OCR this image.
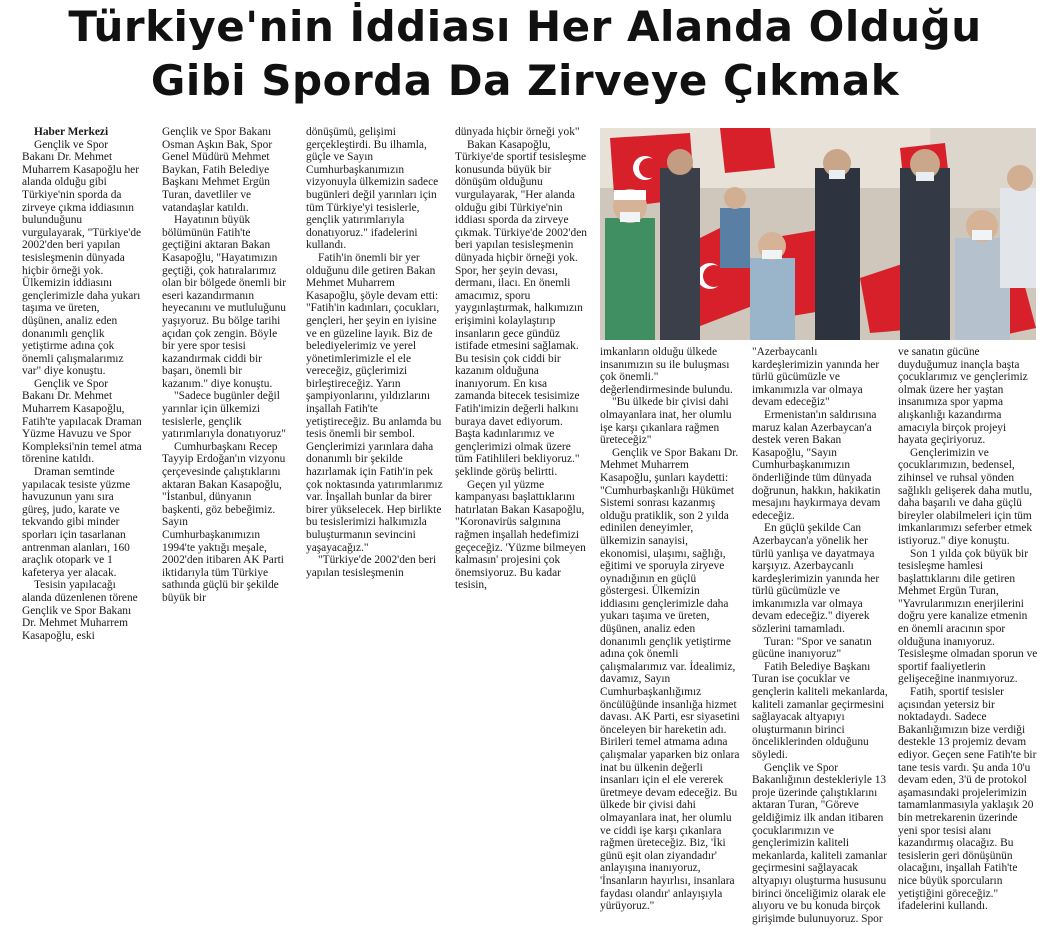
Türkiye'nin İddiası Her Alanda Olduğu
Gibi Sporda Da Zirveye Çıkmak

Haber Merkezi

Gençlik ve Spor Bakanı Dr. Mehmet Muharrem Kasapoğlu her alanda olduğu gibi Türkiye'nin sporda da zirveye çıkma iddiasının bulunduğunu vurgulayarak, "Türkiye'de 2002'den beri yapılan tesisleşmenin dünyada hiçbir örneği yok. Ülkemizin iddiasını gençlerimizle daha yukarı taşıma ve üreten, düşünen, analiz eden donanımlı gençlik yetiştirme adına çok önemli çalışmalarımız var" diye konuştu.

Gençlik ve Spor Bakanı Dr. Mehmet Muharrem Kasapoğlu, Fatih'te yapılacak Draman Yüzme Havuzu ve Spor Kompleksi'nin temel atma törenine katıldı.

Draman semtinde yapılacak tesiste yüzme havuzunun yanı sıra güreş, judo, karate ve tekvando gibi minder sporları için tasarlanan antrenman alanları, 160 araçlık otopark ve 1 kafeterya yer alacak.

Tesisin yapılacağı alanda düzenlenen törene Gençlik ve Spor Bakanı Dr. Mehmet Muharrem Kasapoğlu, eski

Gençlik ve Spor Bakanı Osman Aşkın Bak, Spor Genel Müdürü Mehmet Baykan, Fatih Belediye Başkanı Mehmet Ergün Turan, davetliler ve vatandaşlar katıldı.

Hayatının büyük bölümünün Fatih'te geçtiğini aktaran Bakan Kasapoğlu, "Hayatımızın geçtiği, çok hatıralarımız olan bir bölgede önemli bir eseri kazandırmanın heyecanını ve mutluluğunu yaşıyoruz. Bu bölge tarihi açıdan çok zengin. Böyle bir yere spor tesisi kazandırmak ciddi bir başarı, önemli bir kazanım." diye konuştu.

"Sadece bugünler değil yarınlar için ülkemizi tesislerle, gençlik yatırımlarıyla donatıyoruz"

Cumhurbaşkanı Recep Tayyip Erdoğan'ın vizyonu çerçevesinde çalıştıklarını aktaran Bakan Kasapoğlu, "İstanbul, dünyanın başkenti, göz bebeğimiz. Sayın Cumhurbaşkanımızın 1994'te yaktığı meşale, 2002'den itibaren AK Parti iktidarıyla tüm Türkiye sathında güçlü bir şekilde büyük bir

dönüşümü, gelişimi gerçekleştirdi. Bu ilhamla, güçle ve Sayın Cumhurbaşkanımızın vizyonuyla ülkemizin sadece bugünleri değil yarınları için tüm Türkiye'yi tesislerle, gençlik yatırımlarıyla donatıyoruz." ifadelerini kullandı.

Fatih'in önemli bir yer olduğunu dile getiren Bakan Mehmet Muharrem Kasapoğlu, şöyle devam etti: "Fatih'in kadınları, çocukları, gençleri, her şeyin en iyisine ve en güzeline layık. Biz de belediyelerimiz ve yerel yönetimlerimizle el ele vereceğiz, güçlerimizi birleştireceğiz. Yarın şampiyonlarını, yıldızlarını inşallah Fatih'te yetiştireceğiz. Bu anlamda bu tesis önemli bir sembol. Gençlerimizi yarınlara daha donanımlı bir şekilde hazırlamak için Fatih'in pek çok noktasında yatırımlarımız var. İnşallah bunlar da birer birer yükselecek. Hep birlikte bu tesislerimizi halkımızla buluşturmanın sevincini yaşayacağız."

"Türkiye'de 2002'den beri yapılan tesisleşmenin

dünyada hiçbir örneği yok"

Bakan Kasapoğlu, Türkiye'de sportif tesisleşme konusunda büyük bir dönüşüm olduğunu vurgulayarak, "Her alanda olduğu gibi Türkiye'nin iddiası sporda da zirveye çıkmak. Türkiye'de 2002'den beri yapılan tesisleşmenin dünyada hiçbir örneği yok. Spor, her şeyin devası, dermanı, ilacı. En önemli amacımız, sporu yaygınlaştırmak, halkımızın erişimini kolaylaştırıp insanların gece gündüz istifade etmesini sağlamak. Bu tesisin çok ciddi bir kazanım olduğuna inanıyorum. En kısa zamanda bitecek tesisimize Fatih'imizin değerli halkını buraya davet ediyorum. Başta kadınlarımız ve gençlerimizi olmak üzere tüm Fatihlileri bekliyoruz." şeklinde görüş belirtti.

Geçen yıl yüzme kampanyası başlattıklarını hatırlatan Bakan Kasapoğlu, "Koronavirüs salgınına rağmen inşallah hedefimizi geçeceğiz. 'Yüzme bilmeyen kalmasın' projesini çok önemsiyoruz. Bu kadar tesisin,

imkanların olduğu ülkede insanımızın su ile buluşması çok önemli." değerlendirmesinde bulundu.

"Bu ülkede bir çivisi dahi olmayanlara inat, her olumlu işe karşı çıkanlara rağmen üreteceğiz"

Gençlik ve Spor Bakanı Dr. Mehmet Muharrem Kasapoğlu, şunları kaydetti: "Cumhurbaşkanlığı Hükümet Sistemi sonrası kazanmış olduğu pratiklik, son 2 yılda edinilen deneyimler, ülkemizin sanayisi, ekonomisi, ulaşımı, sağlığı, eğitimi ve sporuyla ziryeve oynadığının en güçlü göstergesi. Ülkemizin iddiasını gençlerimizle daha yukarı taşıma ve üreten, düşünen, analiz eden donanımlı gençlik yetiştirme adına çok önemli çalışmalarımız var. İdealimiz, davamız, Sayın Cumhurbaşkanlığımız öncülüğünde insanlığa hizmet davası. AK Parti, esr siyasetini önceleyen bir hareketin adı. Birileri temel atmama adına çalışmalar yaparken biz onlara inat bu ülkenin değerli insanları için el ele vererek üretmeye devam edeceğiz. Bu ülkede bir çivisi dahi olmayanlara inat, her olumlu ve ciddi işe karşı çıkanlara rağmen üreteceğiz. Biz, 'İki günü eşit olan ziyandadır' anlayışına inanıyoruz, 'İnsanların hayırlısı, insanlara faydası olandır' anlayışıyla yürüyoruz."

"Azerbaycanlı kardeşlerimizin yanında her türlü gücümüzle ve imkanımızla var olmaya devam edeceğiz"

Ermenistan'ın saldırısına maruz kalan Azerbaycan'a destek veren Bakan Kasapoğlu, "Sayın Cumhurbaşkanımızın önderliğinde tüm dünyada doğrunun, hakkın, hakikatin mesajını haykırmaya devam edeceğiz.

En güçlü şekilde Can Azerbaycan'a yönelik her türlü yanlışa ve dayatmaya karşıyız. Azerbaycanlı kardeşlerimizin yanında her türlü gücümüzle ve imkanımızla var olmaya devam edeceğiz." diyerek sözlerini tamamladı.

Turan: "Spor ve sanatın gücüne inanıyoruz"

Fatih Belediye Başkanı Turan ise çocuklar ve gençlerin kaliteli mekanlarda, kaliteli zamanlar geçirmesini sağlayacak altyapıyı oluşturmanın birinci önceliklerinden olduğunu söyledi.

Gençlik ve Spor Bakanlığının destekleriyle 13 proje üzerinde çalıştıklarını aktaran Turan, "Göreve geldiğimiz ilk andan itibaren çocuklarımızın ve gençlerimizin kaliteli mekanlarda, kaliteli zamanlar geçirmesini sağlayacak altyapıyı oluşturma hususunu birinci önceliğimiz olarak ele alıyoru ve bu konuda birçok girişimde bulunuyoruz. Spor

ve sanatın gücüne duyduğumuz inançla başta çocuklarımız ve gençlerimiz olmak üzere her yaştan insanımıza spor yapma alışkanlığı kazandırma amacıyla birçok projeyi hayata geçiriyoruz.

Gençlerimizin ve çocuklarımızın, bedensel, zihinsel ve ruhsal yönden sağlıklı gelişerek daha mutlu, daha başarılı ve daha güçlü bireyler olabilmeleri için tüm imkanlarımızı seferber etmek istiyoruz." diye konuştu.

Son 1 yılda çok büyük bir tesisleşme hamlesi başlattıklarını dile getiren Mehmet Ergün Turan, "Yavrularımızın enerjilerini doğru yere kanalize etmenin en önemli aracının spor olduğuna inanıyoruz. Tesisleşme olmadan sporun ve sportif faaliyetlerin gelişeceğine inanmıyoruz.

Fatih, sportif tesisler açısından yetersiz bir noktadaydı. Sadece Bakanlığımızın bize verdiği destekle 13 projemiz devam ediyor. Geçen sene Fatih'te bir tane tesis vardı. Şu anda 10'u devam eden, 3'ü de protokol aşamasındaki projelerimizin tamamlanmasıyla yaklaşık 20 bin metrekarenin üzerinde yeni spor tesisi alanı kazandırmış olacağız. Bu tesislerin geri dönüşünün olacağını, inşallah Fatih'te nice büyük sporcuların yetiştiğini göreceğiz." ifadelerini kullandı.
